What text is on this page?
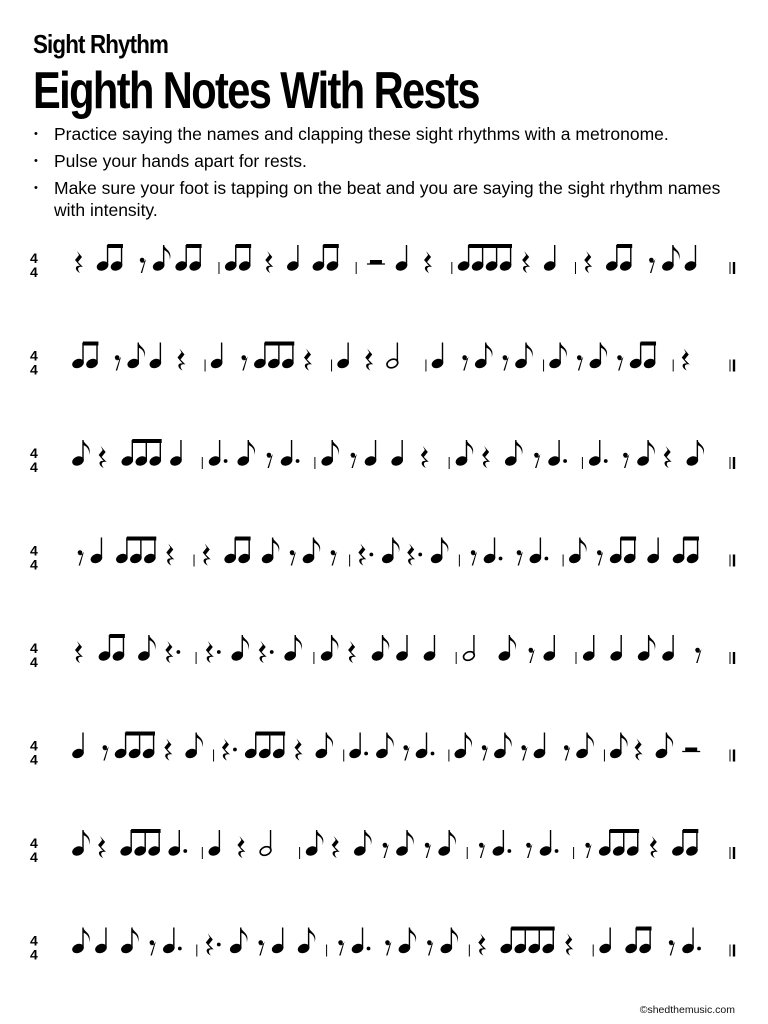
Sight Rhythm
Eighth Notes With Rests
• Practice saying the names and clapping these sight rhythms with a metronome.
• Pulse your hands apart for rests.
• Make sure your foot is tapping on the beat and you are saying the sight rhythm names with intensity.
4
4
4
4
4
4
4
4
4
4
4
4
4
4
4
4
©shedthemusic.com
